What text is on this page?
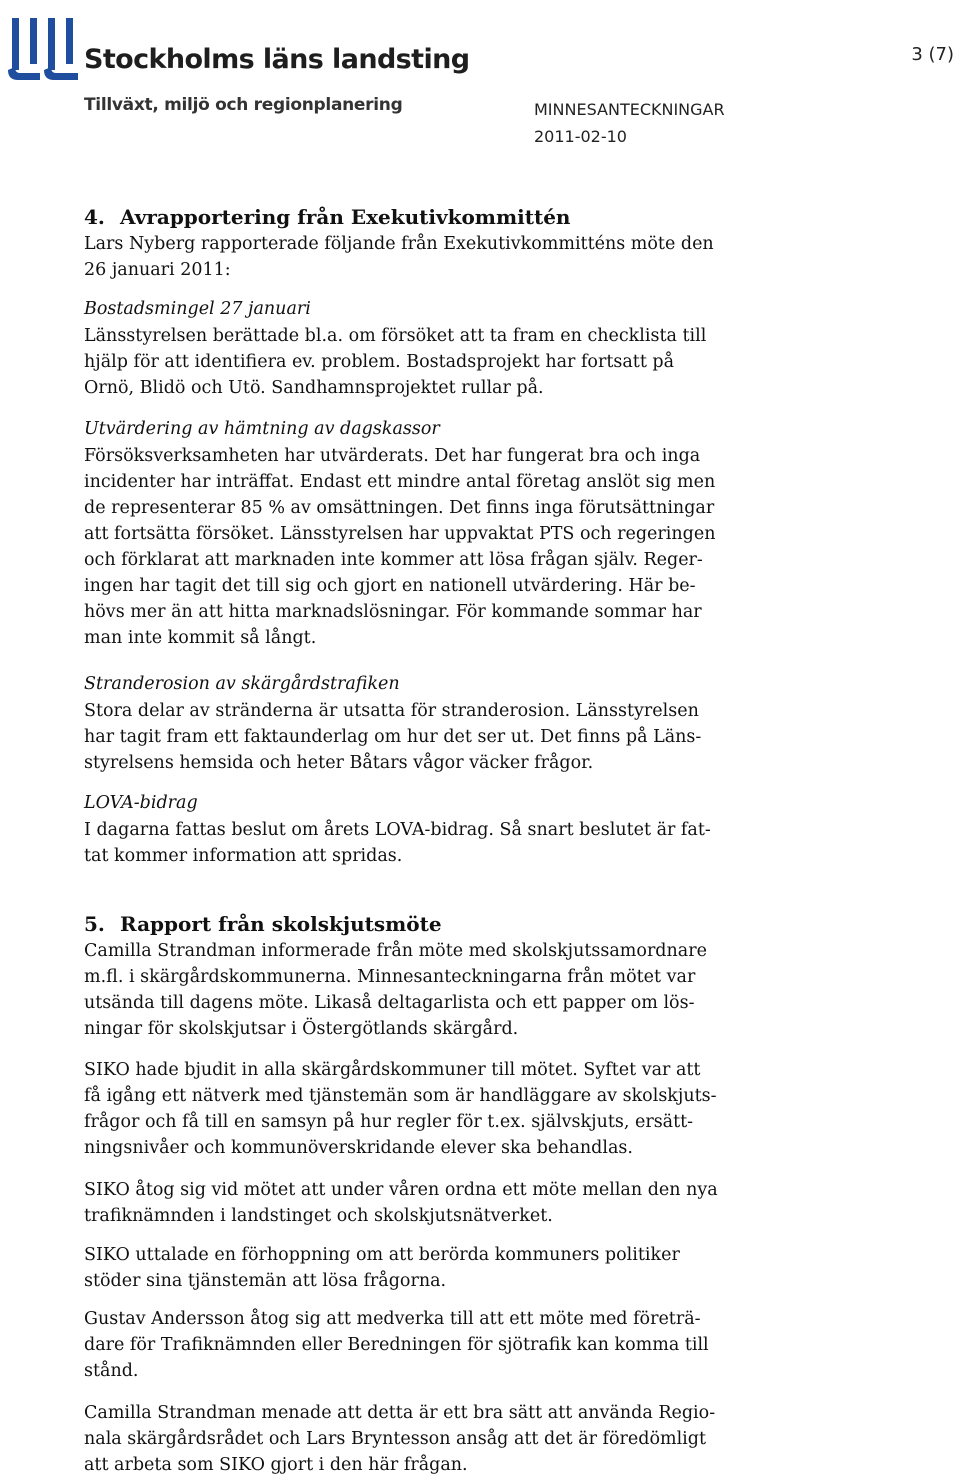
Stockholms läns landsting
Tillväxt, miljö och regionplanering
3 (7)
MINNESANTECKNINGAR
2011-02-10
4. Avrapportering från Exekutivkommittén
Lars Nyberg rapporterade följande från Exekutivkommitténs möte den
26 januari 2011:
Bostadsmingel 27 januari
Länsstyrelsen berättade bl.a. om försöket att ta fram en checklista till
hjälp för att identifiera ev. problem. Bostadsprojekt har fortsatt på
Ornö, Blidö och Utö. Sandhamnsprojektet rullar på.
Utvärdering av hämtning av dagskassor
Försöksverksamheten har utvärderats. Det har fungerat bra och inga
incidenter har inträffat. Endast ett mindre antal företag anslöt sig men
de representerar 85 % av omsättningen. Det finns inga förutsättningar
att fortsätta försöket. Länsstyrelsen har uppvaktat PTS och regeringen
och förklarat att marknaden inte kommer att lösa frågan själv. Reger-
ingen har tagit det till sig och gjort en nationell utvärdering. Här be-
hövs mer än att hitta marknadslösningar. För kommande sommar har
man inte kommit så långt.
Stranderosion av skärgårdstrafiken
Stora delar av stränderna är utsatta för stranderosion. Länsstyrelsen
har tagit fram ett faktaunderlag om hur det ser ut. Det finns på Läns-
styrelsens hemsida och heter Båtars vågor väcker frågor.
LOVA-bidrag
I dagarna fattas beslut om årets LOVA-bidrag. Så snart beslutet är fat-
tat kommer information att spridas.
5. Rapport från skolskjutsmöte
Camilla Strandman informerade från möte med skolskjutssamordnare
m.fl. i skärgårdskommunerna. Minnesanteckningarna från mötet var
utsända till dagens möte. Likaså deltagarlista och ett papper om lös-
ningar för skolskjutsar i Östergötlands skärgård.
SIKO hade bjudit in alla skärgårdskommuner till mötet. Syftet var att
få igång ett nätverk med tjänstemän som är handläggare av skolskjuts-
frågor och få till en samsyn på hur regler för t.ex. självskjuts, ersätt-
ningsnivåer och kommunöverskridande elever ska behandlas.
SIKO åtog sig vid mötet att under våren ordna ett möte mellan den nya
trafiknämnden i landstinget och skolskjutsnätverket.
SIKO uttalade en förhoppning om att berörda kommuners politiker
stöder sina tjänstemän att lösa frågorna.
Gustav Andersson åtog sig att medverka till att ett möte med företrä-
dare för Trafiknämnden eller Beredningen för sjötrafik kan komma till
stånd.
Camilla Strandman menade att detta är ett bra sätt att använda Regio-
nala skärgårdsrådet och Lars Bryntesson ansåg att det är föredömligt
att arbeta som SIKO gjort i den här frågan.
